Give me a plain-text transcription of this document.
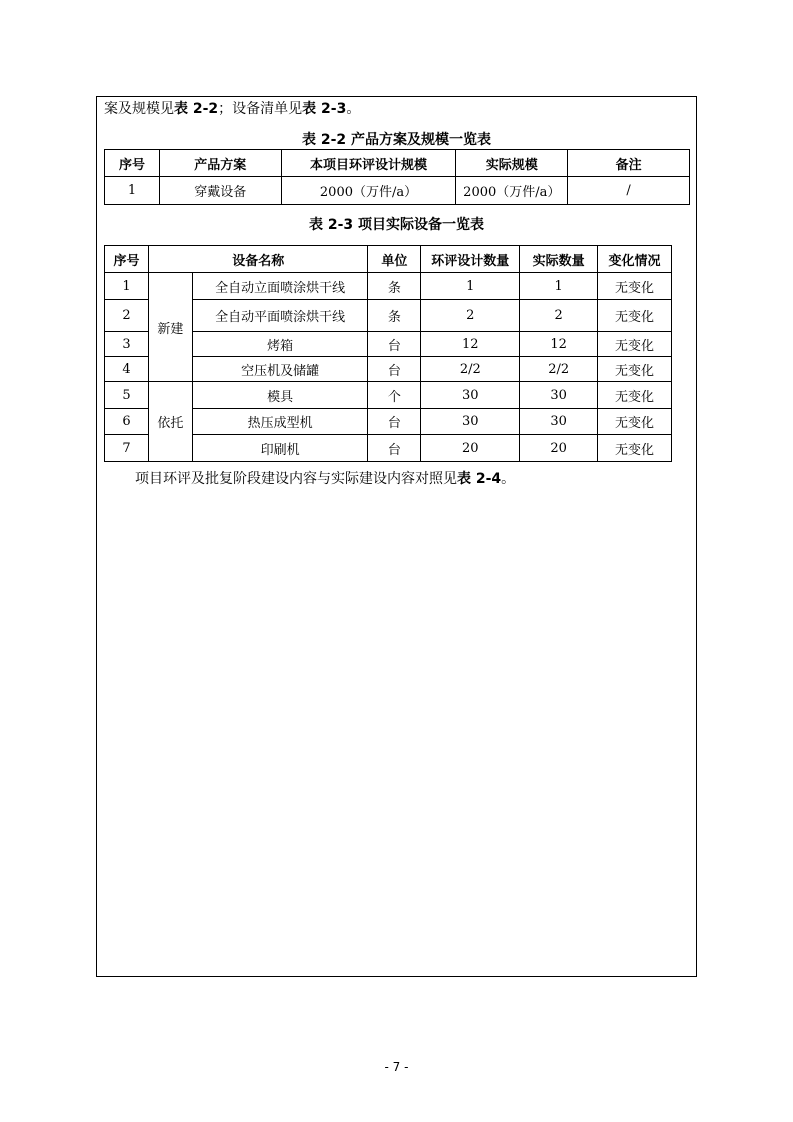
案及规模见表 2-2；设备清单见表 2-3。
表 2-2 产品方案及规模一览表
序号	产品方案	本项目环评设计规模	实际规模	备注
1	穿戴设备	2000（万件/a）	2000（万件/a）	/
表 2-3 项目实际设备一览表
序号	设备名称		单位	环评设计数量	实际数量	变化情况
1	新建	全自动立面喷涂烘干线	条	1	1	无变化
2		全自动平面喷涂烘干线	条	2	2	无变化
3		烤箱	台	12	12	无变化
4		空压机及储罐	台	2/2	2/2	无变化
5	依托	模具	个	30	30	无变化
6		热压成型机	台	30	30	无变化
7		印刷机	台	20	20	无变化
项目环评及批复阶段建设内容与实际建设内容对照见表 2-4。
- 7 -
